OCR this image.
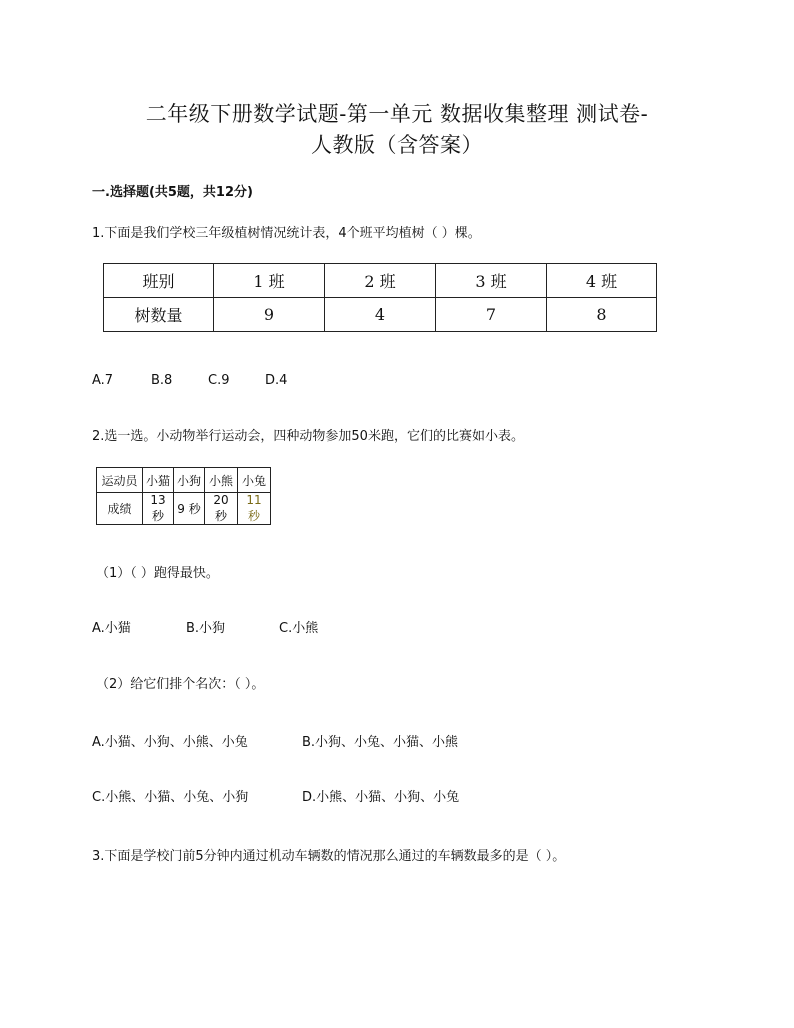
二年级下册数学试题-第一单元 数据收集整理 测试卷-
人教版（含答案）
一.选择题(共5题，共12分)
1.下面是我们学校三年级植树情况统计表，4个班平均植树（ ）棵。
班别	1 班	2 班	3 班	4 班
树数量	9	4	7	8
A.7	B.8	C.9	D.4
2.选一选。小动物举行运动会，四种动物参加50米跑，它们的比赛如小表。
运动员	小猫	小狗	小熊	小兔
成绩	13 秒	9 秒	20 秒	11 秒
（1）（ ）跑得最快。
A.小猫	B.小狗	C.小熊
（2）给它们排个名次：（ ）。
A.小猫、小狗、小熊、小兔	B.小狗、小兔、小猫、小熊
C.小熊、小猫、小兔、小狗	D.小熊、小猫、小狗、小兔
3.下面是学校门前5分钟内通过机动车辆数的情况那么通过的车辆数最多的是（ ）。
